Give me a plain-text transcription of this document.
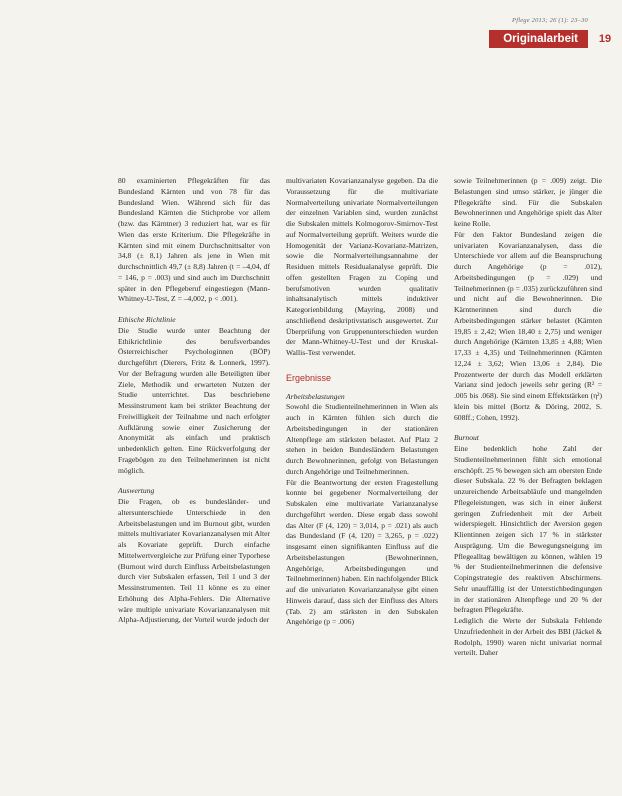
Pflege 2013; 26 (1): 23–30
Originalarbeit	19

80 examinierten Pflegekräften für das Bundesland Kärnten und von 78 für das Bundesland Wien. Während sich für das Bundesland Kärnten die Stichprobe vor allem (bzw. das Kärntner) 3 reduziert hat, war es für Wien das erste Kriterium. Die Pflegekräfte in Kärnten sind mit einem Durchschnittsalter von 34,8 (± 8,1) Jahren als jene in Wien mit durchschnittlich 49,7 (± 8,8) Jahren (t = –4,04, df = 146, p = .003) und sind auch im Durchschnitt später in den Pflegeberuf eingestiegen (Mann-Whitney-U-Test, Z = –4,002, p < .001).

Ethische Richtlinie

Die Studie wurde unter Beachtung der Ethikrichtlinie des berufsverbandes Österreichischer Psychologinnen (BÖP) durchgeführt (Dierers, Fritz & Lonnerk, 1997). Vor der Befragung wurden alle Beteiligten über Ziele, Methodik und erwarteten Nutzen der Studie unterrichtet. Das beschriebene Messinstrument kam bei strikter Beachtung der Freiwilligkeit der Teilnahme und nach erfolgter Aufklärung sowie einer Zusicherung der Anonymität als einfach und praktisch unbedenklich gelten. Eine Rückverfolgung der Fragebögen zu den Teilnehmerinnen ist nicht möglich.

Auswertung

Die Fragen, ob es bundesländer- und altersunterschiede Unterschiede in den Arbeitsbelastungen und im Burnout gibt, wurden mittels multivariater Kovarianzanalysen mit Alter als Kovariate geprüft. Durch einfache Mittelwertvergleiche zur Prüfung einer Typorhese (Burnout wird durch Einfluss Arbeitsbelastungen durch vier Subskalen erfassen, Teil 1 und 3 der Messinstrumenten. Teil 11 könne es zu einer Erhöhung des Alpha-Fehlers. Die Alternative wäre multiple univariate Kovarianzanalysen mit Alpha-Adjustierung, der Vorteil wurde jedoch der

multivariaten Kovarianzanalyse gegeben. Da die Voraussetzung für die multivariate Normalverteilung univariate Normalverteilungen der einzelnen Variablen sind, wurden zunächst die Subskalen mittels Kolmogorov-Smirnov-Test auf Normalverteilung geprüft. Weiters wurde die Homogenität der Varianz-Kovarianz-Matrizen, sowie die Normalverteilungsannahme der Residuen mittels Residualanalyse geprüft. Die offen gestellten Fragen zu Coping und berufsmotiven wurden qualitativ inhaltsanalytisch mittels induktiver Kategorienbildung (Mayring, 2008) und anschließend deskriptivstatisch ausgewertet. Zur Überprüfung von Gruppenunterschieden wurden der Mann-Whitney-U-Test und der Kruskal-Wallis-Test verwendet.

Ergebnisse

Arbeitsbelastungen

Sowohl die Studienteilnehmerinnen in Wien als auch in Kärnten fühlen sich durch die Arbeitsbedingungen in der stationären Altenpflege am stärksten belastet. Auf Platz 2 stehen in beiden Bundesländern Belastungen durch Bewohnerinnen, gefolgt von Belastungen durch Angehörige und Teilnehmerinnen.

Für die Beantwortung der ersten Fragestellung konnte bei gegebener Normalverteilung der Subskalen eine multivariate Varianzanalyse durchgeführt werden. Diese ergab dass sowohl das Alter (F (4, 120) = 3,014, p = .021) als auch das Bundesland (F (4, 120) = 3,265, p = .022) insgesamt einen signifikanten Einfluss auf die Arbeitsbelastungen (Bewohnerinnen, Angehörige, Arbeitsbedingungen und Teilnehmerinnen) haben. Ein nachfolgender Blick auf die univariaten Kovarianzanalyse gibt einen Hinweis darauf, dass sich der Einfluss des Alters (Tab. 2) am stärksten in den Subskalen Angehörige (p = .006)

sowie Teilnehmerinnen (p = .009) zeigt. Die Belastungen sind umso stärker, je jünger die Pflegekräfte sind. Für die Subskalen Bewohnerinnen und Angehörige spielt das Alter keine Rolle.

Für den Faktor Bundesland zeigen die univariaten Kovarianzanalysen, dass die Unterschiede vor allem auf die Beanspruchung durch Angehörige (p = .012), Arbeitsbedingungen (p = .029) und Teilnehmerinnen (p = .035) zurückzuführen sind und nicht auf die Bewohnerinnen. Die Kärntnerinnen sind durch die Arbeitsbedingungen stärker belastet (Kärnten 19,85 ± 2,42; Wien 18,40 ± 2,75) und weniger durch Angehörige (Kärnten 13,85 ± 4,88; Wien 17,33 ± 4,35) und Teilnehmerinnen (Kärnten 12,24 ± 3,62; Wien 13,06 ± 2,84). Die Prozentwerte der durch das Modell erklärten Varianz sind jedoch jeweils sehr gering (R² = .005 bis .068). Sie sind einem Effektstärken (η²) klein bis mittel (Bortz & Döring, 2002, S. 608ff.; Cohen, 1992).

Burnout

Eine bedenklich hohe Zahl der Studienteilnehmerinnen fühlt sich emotional erschöpft. 25 % bewegen sich am obersten Ende dieser Subskala. 22 % der Befragten beklagen unzureichende Arbeitsabläufe und mangelnden Pflegeleistungen, was sich in einer äußerst geringen Zufriedenheit mit der Arbeit widerspiegelt. Hinsichtlich der Aversion gegen Klientinnen zeigen sich 17 % in stärkster Ausprägung. Um die Bewegungsneigung im Pflegealltag bewältigen zu können, wählen 19 % der Studienteilnehmerinnen die defensive Copingstrategie des reaktiven Abschirmens. Sehr unauffällig ist der Unterstichbedingungen in der stationären Altenpflege und 20 % der befragten Pflegekräfte.

Lediglich die Werte der Subskala Fehlende Unzufriedenheit in der Arbeit des BBI (Jäckel & Rodolph, 1990) waren nicht univariat normal verteilt. Daher
